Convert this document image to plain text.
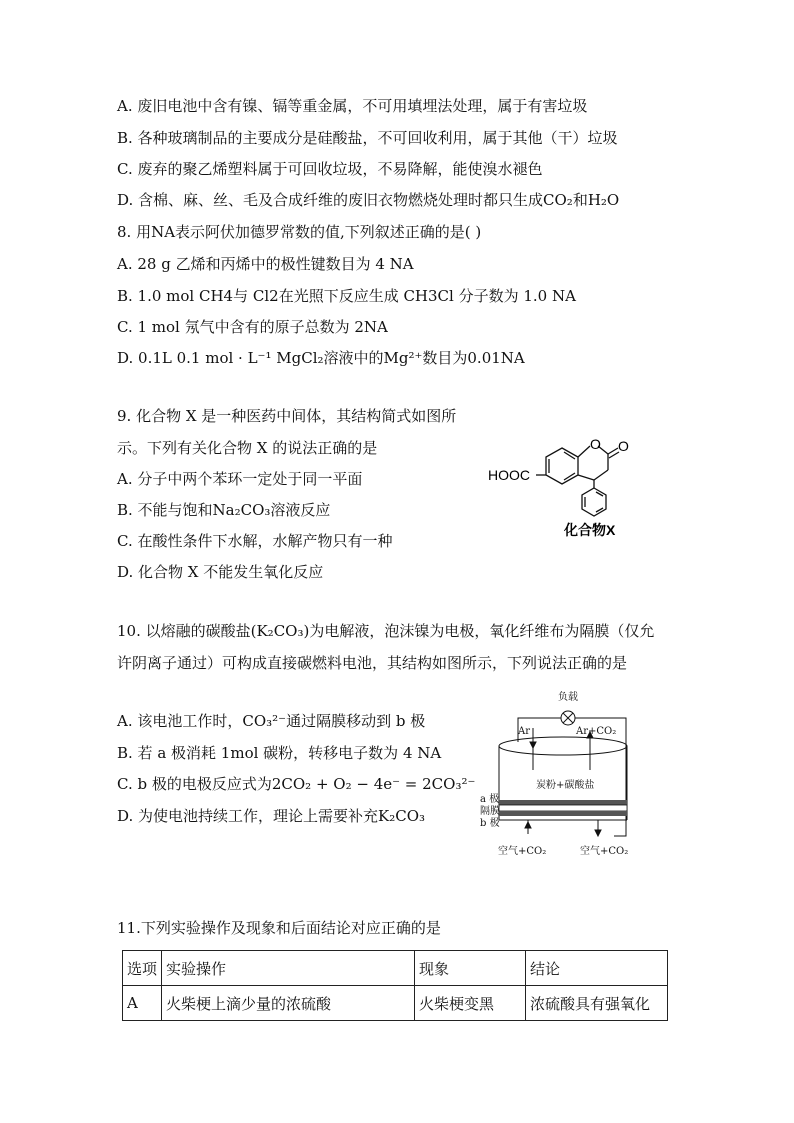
A. 废旧电池中含有镍、镉等重金属，不可用填埋法处理，属于有害垃圾
B. 各种玻璃制品的主要成分是硅酸盐，不可回收利用，属于其他（干）垃圾
C. 废弃的聚乙烯塑料属于可回收垃圾，不易降解，能使溴水褪色
D. 含棉、麻、丝、毛及合成纤维的废旧衣物燃烧处理时都只生成CO₂和H₂O
8. 用NA表示阿伏加德罗常数的值,下列叙述正确的是( )
A. 28 g 乙烯和丙烯中的极性键数目为 4 NA
B. 1.0 mol CH4与 Cl2在光照下反应生成 CH3Cl 分子数为 1.0 NA
C. 1 mol 氖气中含有的原子总数为 2NA
D. 0.1L 0.1 mol · L⁻¹ MgCl₂溶液中的Mg²⁺数目为0.01NA
9. 化合物 X 是一种医药中间体，其结构简式如图所
示。下列有关化合物 X 的说法正确的是
A. 分子中两个苯环一定处于同一平面
B. 不能与饱和Na₂CO₃溶液反应
C. 在酸性条件下水解，水解产物只有一种
D. 化合物 X 不能发生氧化反应
O O
HOOC
化合物X
10. 以熔融的碳酸盐(K₂CO₃)为电解液，泡沫镍为电极，氧化纤维布为隔膜（仅允
许阴离子通过）可构成直接碳燃料电池，其结构如图所示，下列说法正确的是
A. 该电池工作时，CO₃²⁻通过隔膜移动到 b 极
B. 若 a 极消耗 1mol 碳粉，转移电子数为 4 NA
C. b 极的电极反应式为2CO₂ + O₂ − 4e⁻ = 2CO₃²⁻
D. 为使电池持续工作，理论上需要补充K₂CO₃
负载
Ar	Ar+CO₂
炭粉+碳酸盐
a 极
隔膜
b 极
空气+CO₂	空气+CO₂
11.下列实验操作及现象和后面结论对应正确的是
选项	实验操作	现象	结论
A	火柴梗上滴少量的浓硫酸	火柴梗变黑	浓硫酸具有强氧化
